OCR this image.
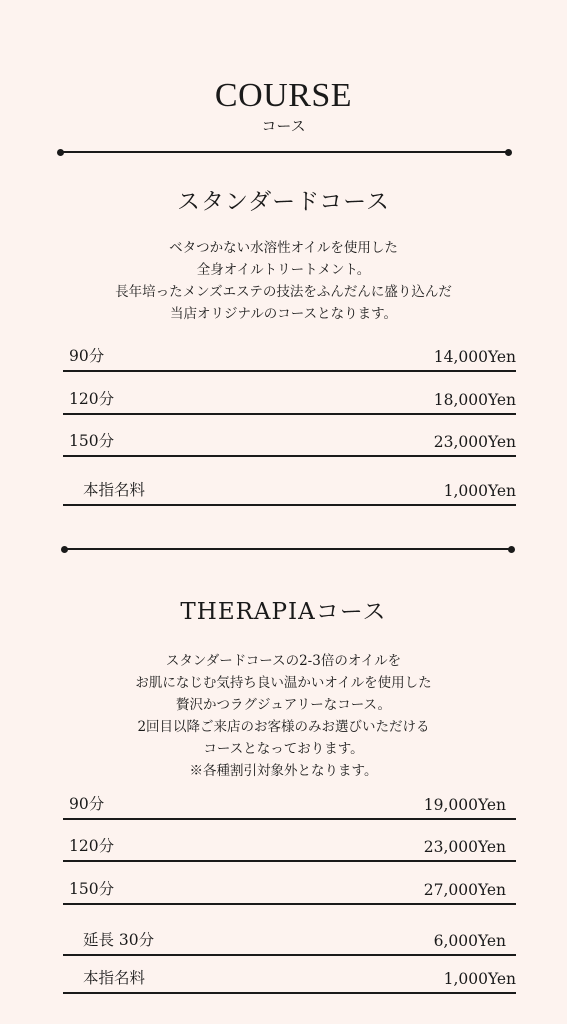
COURSE
コース
スタンダードコース

ベタつかない水溶性オイルを使用した

全身オイルトリートメント。

長年培ったメンズエステの技法をふんだんに盛り込んだ

当店オリジナルのコースとなります。

90分	14,000Yen
120分	18,000Yen
150分	23,000Yen
本指名料	1,000Yen
THERAPIAコース

スタンダードコースの2-3倍のオイルを

お肌になじむ気持ち良い温かいオイルを使用した

贅沢かつラグジュアリーなコース。

2回目以降ご来店のお客様のみお選びいただける

コースとなっております。

※各種割引対象外となります。

90分	19,000Yen
120分	23,000Yen
150分	27,000Yen
延長 30分	6,000Yen
本指名料	1,000Yen
